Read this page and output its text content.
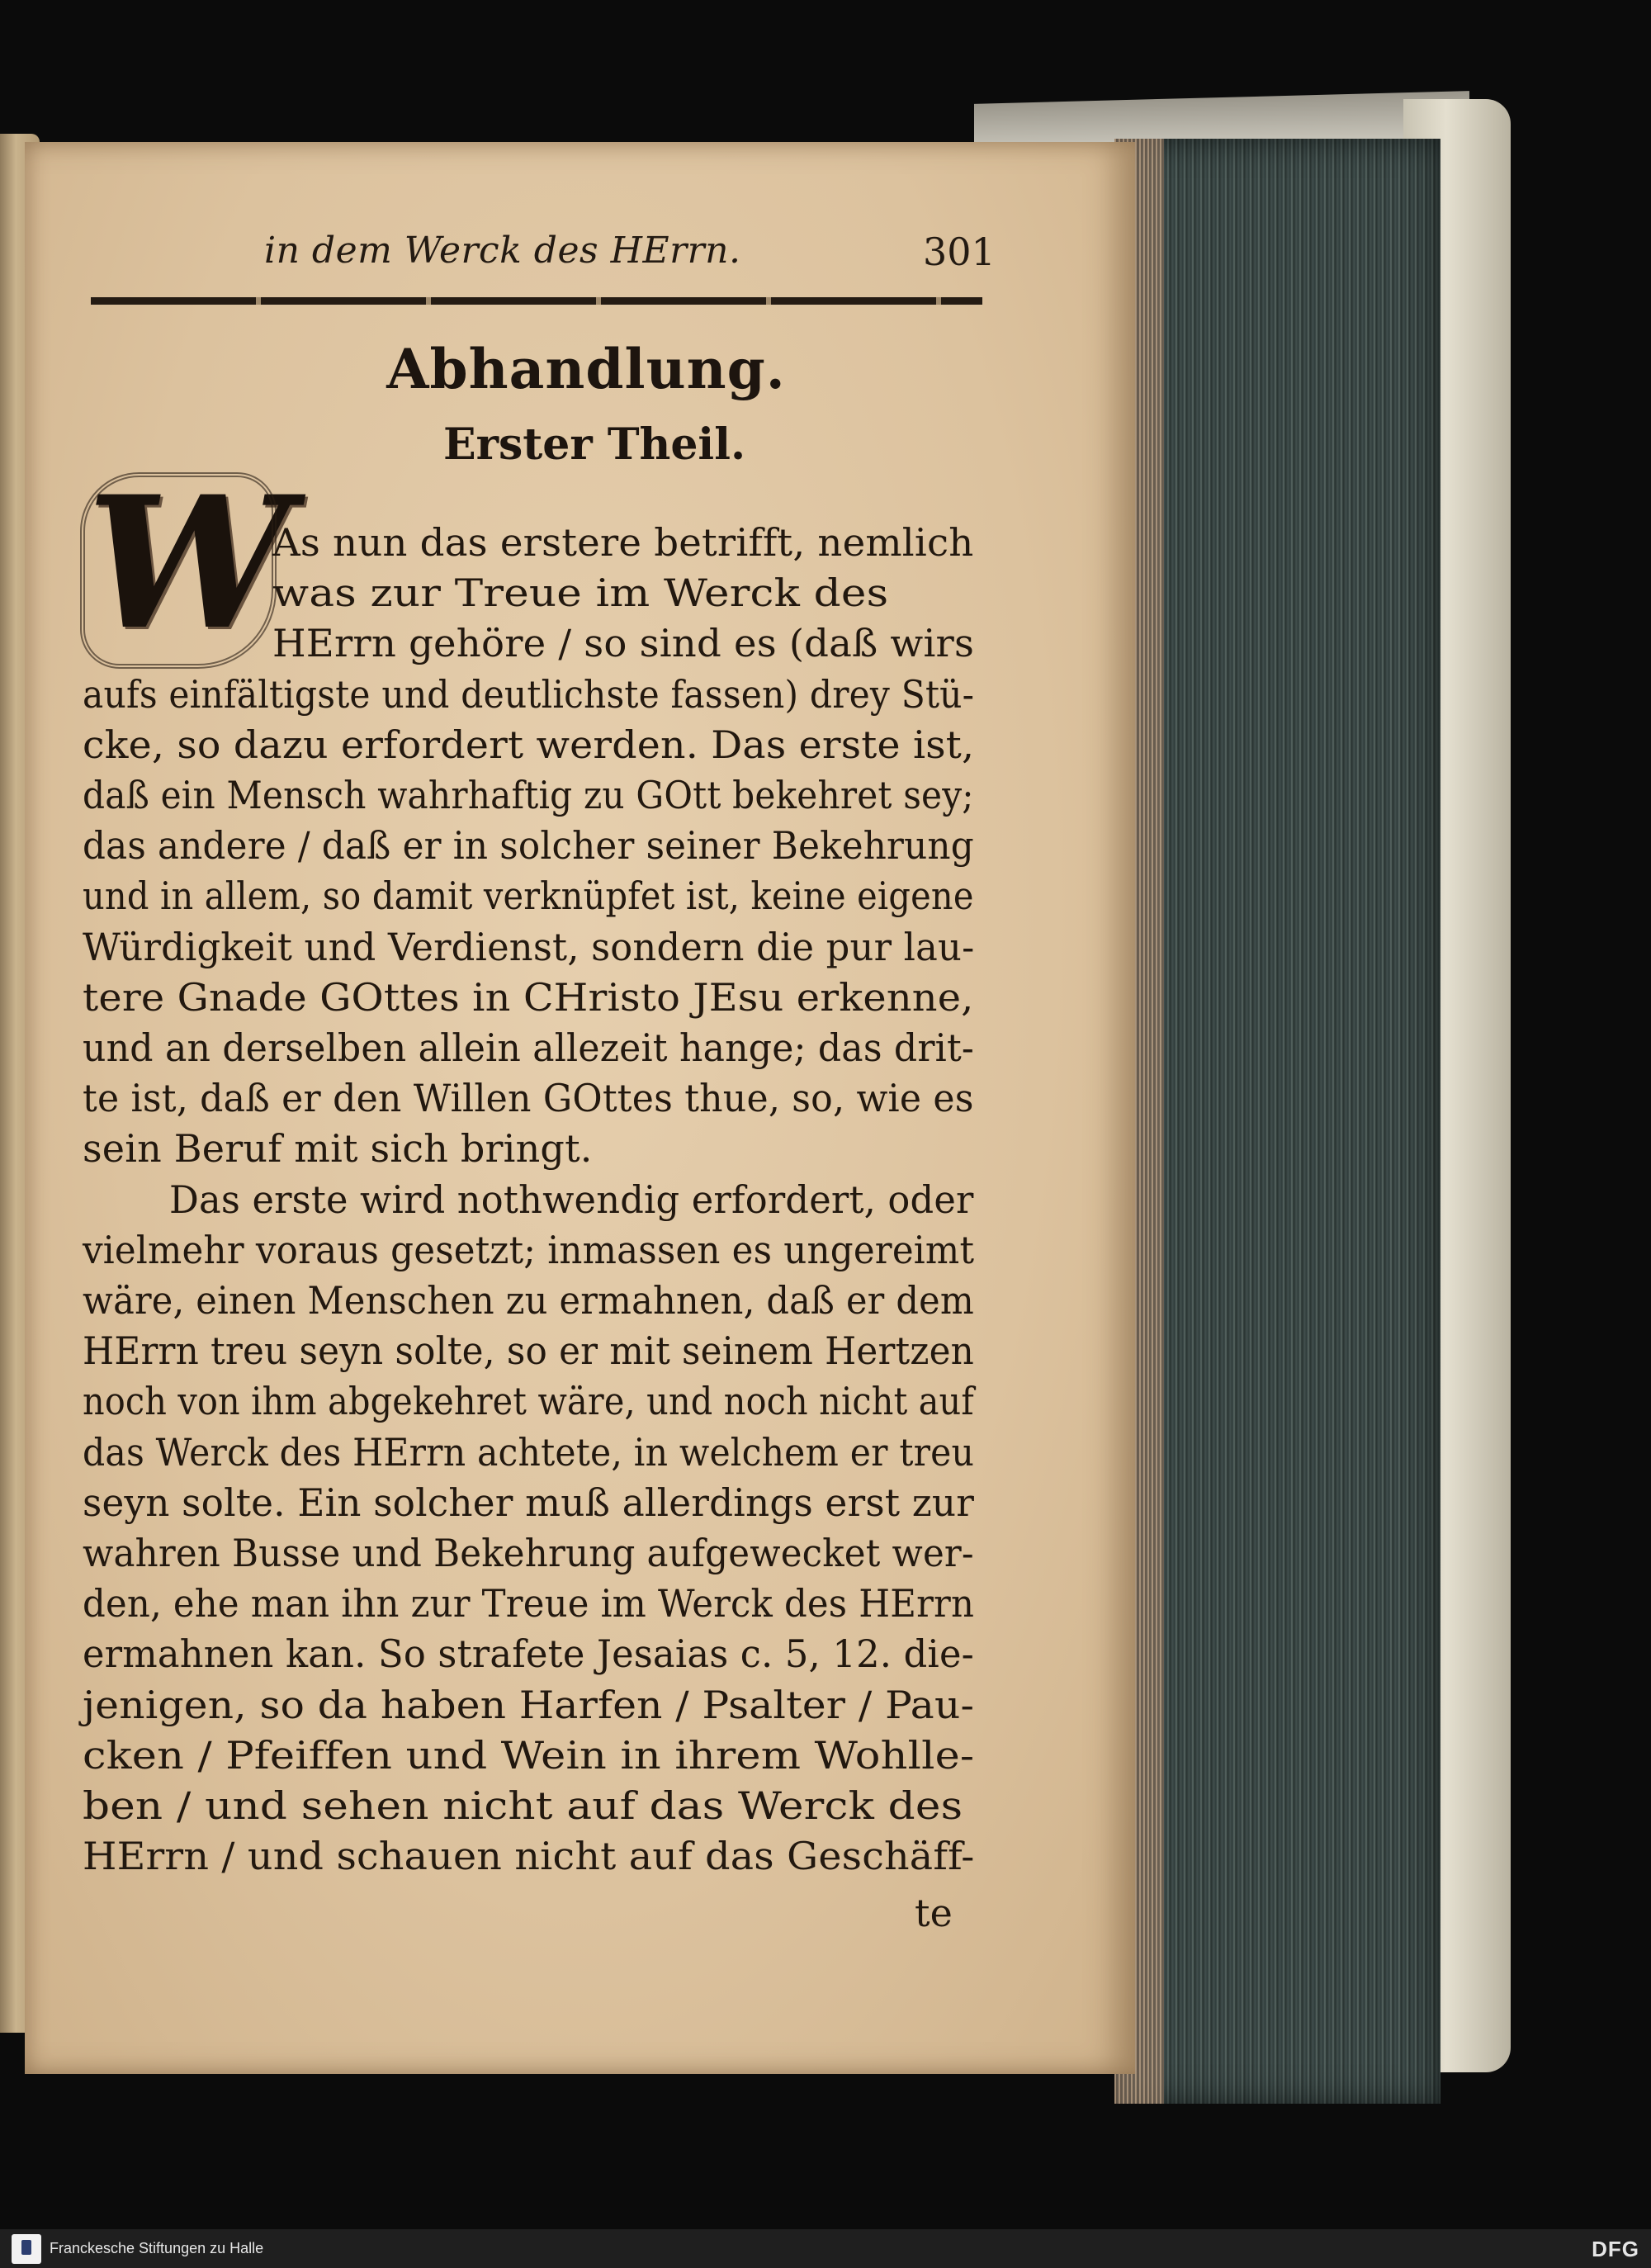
in dem Werck des HErrn.	301
Abhandlung.
Erster Theil.
W
As nun das erstere betrifft, nemlich
was zur Treue im Werck des
HErrn gehöre / so sind es (daß wirs
aufs einfältigste und deutlichste fassen) drey Stü-
cke, so dazu erfordert werden. Das erste ist,
daß ein Mensch wahrhaftig zu GOtt bekehret sey;
das andere / daß er in solcher seiner Bekehrung
und in allem, so damit verknüpfet ist, keine eigene
Würdigkeit und Verdienst, sondern die pur lau-
tere Gnade GOttes in CHristo JEsu erkenne,
und an derselben allein allezeit hange; das drit-
te ist, daß er den Willen GOttes thue, so, wie es
sein Beruf mit sich bringt.
Das erste wird nothwendig erfordert, oder
vielmehr voraus gesetzt; inmassen es ungereimt
wäre, einen Menschen zu ermahnen, daß er dem
HErrn treu seyn solte, so er mit seinem Hertzen
noch von ihm abgekehret wäre, und noch nicht auf
das Werck des HErrn achtete, in welchem er treu
seyn solte. Ein solcher muß allerdings erst zur
wahren Busse und Bekehrung aufgewecket wer-
den, ehe man ihn zur Treue im Werck des HErrn
ermahnen kan. So strafete Jesaias c. 5, 12. die-
jenigen, so da haben Harfen / Psalter / Pau-
cken / Pfeiffen und Wein in ihrem Wohlle-
ben / und sehen nicht auf das Werck des
HErrn / und schauen nicht auf das Geschäff-
te
Franckesche Stiftungen zu Halle	DFG
